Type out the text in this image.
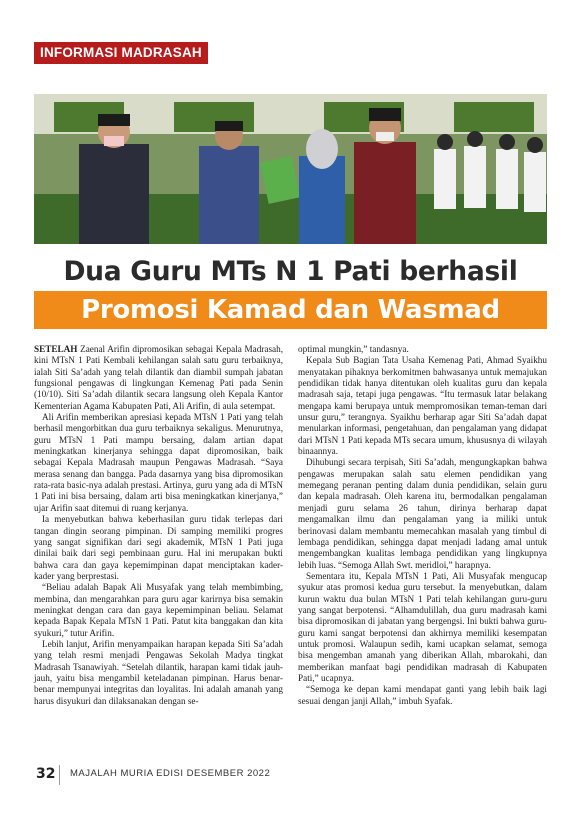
INFORMASI MADRASAH
Dua Guru MTs N 1 Pati berhasil
Promosi Kamad dan Wasmad

SETELAH Zaenal Arifin dipromosikan sebagai Kepala Madrasah, kini MTsN 1 Pati Kembali kehilangan salah satu guru terbaiknya, ialah Siti Sa’adah yang telah dilantik dan diambil sumpah jabatan fungsional pengawas di lingkungan Kemenag Pati pada Senin (10/10). Siti Sa’adah dilantik secara langsung oleh Kepala Kantor Kementerian Agama Kabupaten Pati, Ali Arifin, di aula setempat.

Ali Arifin memberikan apresiasi kepada MTsN 1 Pati yang telah berhasil mengorbitkan dua guru terbaiknya sekaligus. Menurutnya, guru MTsN 1 Pati mampu bersaing, dalam artian dapat meningkatkan kinerjanya sehingga dapat dipromosikan, baik sebagai Kepala Madrasah maupun Pengawas Madrasah. “Saya merasa senang dan bangga. Pada dasarnya yang bisa dipromosikan rata-rata basic-nya adalah prestasi. Artinya, guru yang ada di MTsN 1 Pati ini bisa bersaing, dalam arti bisa meningkatkan kinerjanya,” ujar Arifin saat ditemui di ruang kerjanya.

Ia menyebutkan bahwa keberhasilan guru tidak terlepas dari tangan dingin seorang pimpinan. Di samping memiliki progres yang sangat signifikan dari segi akademik, MTsN 1 Pati juga dinilai baik dari segi pembinaan guru. Hal ini merupakan bukti bahwa cara dan gaya kepemimpinan dapat menciptakan kader-kader yang berprestasi.

“Beliau adalah Bapak Ali Musyafak yang telah membimbing, membina, dan mengarahkan para guru agar karirnya bisa semakin meningkat dengan cara dan gaya kepemimpinan beliau. Selamat kepada Bapak Kepala MTsN 1 Pati. Patut kita banggakan dan kita syukuri,” tutur Arifin.

Lebih lanjut, Arifin menyampaikan harapan kepada Siti Sa’adah yang telah resmi menjadi Pengawas Sekolah Madya tingkat Madrasah Tsanawiyah. “Setelah dilantik, harapan kami tidak jauh-jauh, yaitu bisa mengambil keteladanan pimpinan. Harus benar-benar mempunyai integritas dan loyalitas. Ini adalah amanah yang harus disyukuri dan dilaksanakan dengan se-

optimal mungkin,” tandasnya.

Kepala Sub Bagian Tata Usaha Kemenag Pati, Ahmad Syaikhu menyatakan pihaknya berkomitmen bahwasanya untuk memajukan pendidikan tidak hanya ditentukan oleh kualitas guru dan kepala madrasah saja, tetapi juga pengawas. “Itu termasuk latar belakang mengapa kami berupaya untuk mempromosikan teman-teman dari unsur guru,” terangnya. Syaikhu berharap agar Siti Sa’adah dapat menularkan informasi, pengetahuan, dan pengalaman yang didapat dari MTsN 1 Pati kepada MTs secara umum, khususnya di wilayah binaannya.

Dihubungi secara terpisah, Siti Sa’adah, mengungkapkan bahwa pengawas merupakan salah satu elemen pendidikan yang memegang peranan penting dalam dunia pendidikan, selain guru dan kepala madrasah. Oleh karena itu, bermodalkan pengalaman menjadi guru selama 26 tahun, dirinya berharap dapat mengamalkan ilmu dan pengalaman yang ia miliki untuk berinovasi dalam membantu memecahkan masalah yang timbul di lembaga pendidikan, sehingga dapat menjadi ladang amal untuk mengembangkan kualitas lembaga pendidikan yang lingkupnya lebih luas. “Semoga Allah Swt. meridloi,” harapnya.

Sementara itu, Kepala MTsN 1 Pati, Ali Musyafak mengucap syukur atas promosi kedua guru tersebut. Ia menyebutkan, dalam kurun waktu dua bulan MTsN 1 Pati telah kehilangan guru-guru yang sangat berpotensi. “Alhamdulillah, dua guru madrasah kami bisa dipromosikan di jabatan yang bergengsi. Ini bukti bahwa guru-guru kami sangat berpotensi dan akhirnya memiliki kesempatan untuk promosi. Walaupun sedih, kami ucapkan selamat, semoga bisa mengemban amanah yang diberikan Allah, mbarokahi, dan memberikan manfaat bagi pendidikan madrasah di Kabupaten Pati,” ucapnya.

“Semoga ke depan kami mendapat ganti yang lebih baik lagi sesuai dengan janji Allah,” imbuh Syafak.

32 MAJALAH MURIA EDISI DESEMBER 2022
